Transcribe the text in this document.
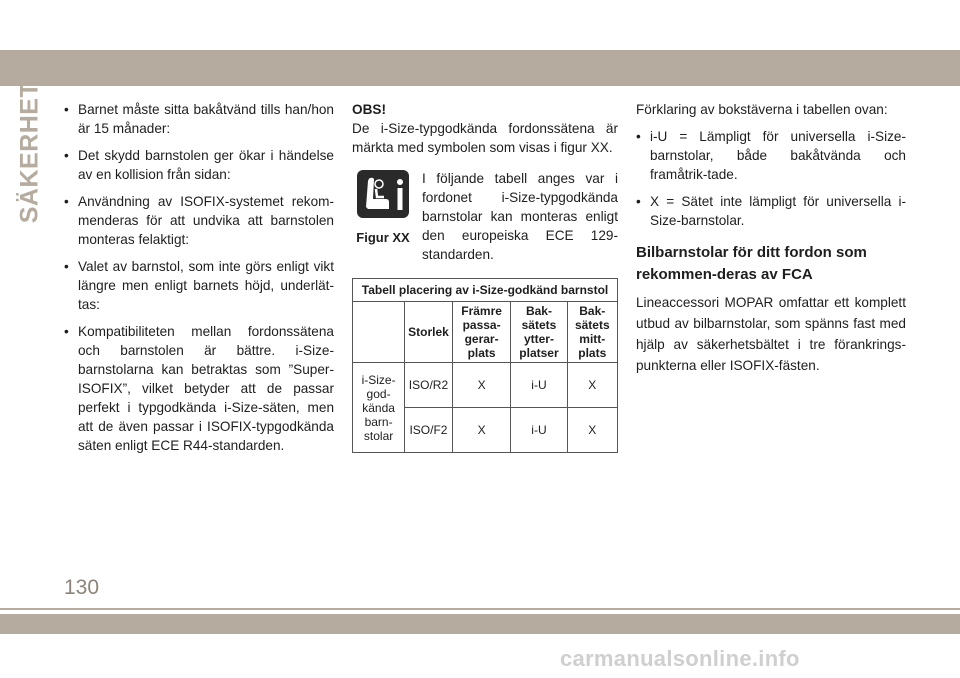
SÄKERHET	• Barnet måste sitta bakåtvänd tills han/hon är 15 månader:
• Det skydd barnstolen ger ökar i händelse av en kollision från sidan:
• Användning av ISOFIX-systemet rekom-menderas för att undvika att barnstolen monteras felaktigt:
• Valet av barnstol, som inte görs enligt vikt längre men enligt barnets höjd, underlät-tas:
• Kompatibiliteten mellan fordonssätena och barnstolen är bättre. i-Size-barnstolarna kan betraktas som ”Super-ISOFIX”, vilket betyder att de passar perfekt i typgodkända i-Size-säten, men att de även passar i ISOFIX-typgodkända säten enligt ECE R44-standarden.
OBS!
De i-Size-typgodkända fordonssätena är märkta med symbolen som visas i figur XX.
Figur XX
I följande tabell anges var i fordonet i-Size-typgodkända barnstolar kan monteras enligt den europeiska ECE 129-standarden.
Tabell placering av i-Size-godkänd barnstol				
	Storlek	Främre passa-gerar-plats	Bak-sätets ytter-platser	Bak-sätets mitt-plats
i-Size-god-kända barn-stolar	ISO/R2	X	i-U	X
	ISO/F2	X	i-U	X
Förklaring av bokstäverna i tabellen ovan:
• i-U = Lämpligt för universella i-Size-barnstolar, både bakåtvända och framåtrik-tade.
• X = Sätet inte lämpligt för universella i-Size-barnstolar.
Bilbarnstolar för ditt fordon som rekommen-deras av FCA
Lineaccessori MOPAR omfattar ett komplett utbud av bilbarnstolar, som spänns fast med hjälp av säkerhetsbältet i tre förankrings-punkterna eller ISOFIX-fästen.
130
carmanualsonline.info
